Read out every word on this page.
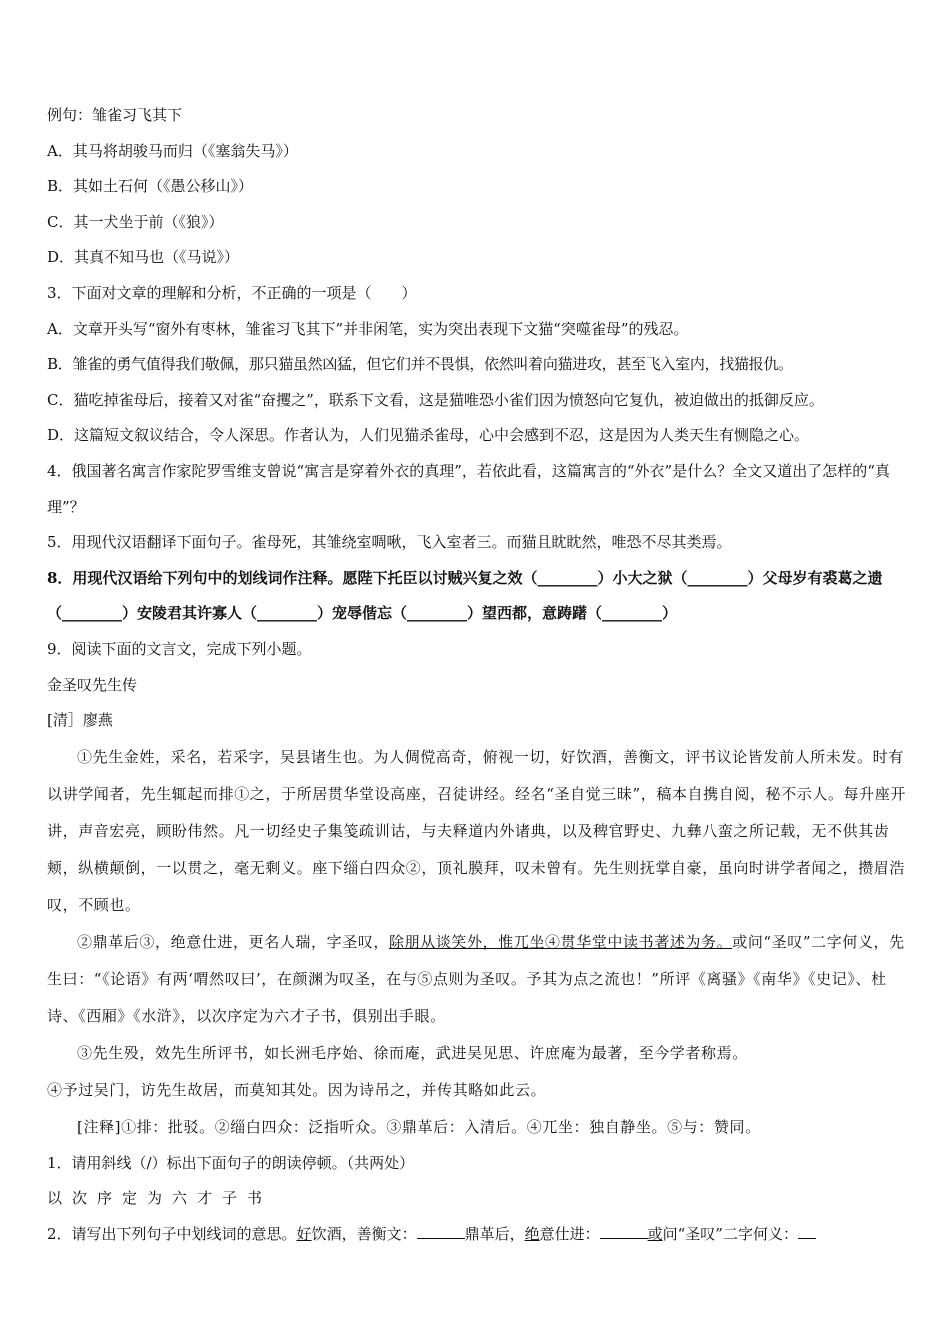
例句：雏雀习飞其下
A．其马将胡骏马而归（《塞翁失马》）
B．其如土石何（《愚公移山》）
C．其一犬坐于前（《狼》）
D．其真不知马也（《马说》）
3．下面对文章的理解和分析，不正确的一项是（　　）
A．文章开头写“窗外有枣林，雏雀习飞其下”并非闲笔，实为突出表现下文猫“突噬雀母”的残忍。
B．雏雀的勇气值得我们敬佩，那只猫虽然凶猛，但它们并不畏惧，依然叫着向猫进攻，甚至飞入室内，找猫报仇。
C．猫吃掉雀母后，接着又对雀“奋攫之”，联系下文看，这是猫唯恐小雀们因为愤怒向它复仇，被迫做出的抵御反应。
D．这篇短文叙议结合，令人深思。作者认为，人们见猫杀雀母，心中会感到不忍，这是因为人类天生有恻隐之心。
4．俄国著名寓言作家陀罗雪维支曾说“寓言是穿着外衣的真理”，若依此看，这篇寓言的“外衣”是什么？全文又道出了怎样的“真理”？
5．用现代汉语翻译下面句子。雀母死，其雏绕室啁啾，飞入室者三。而猫且眈眈然，唯恐不尽其类焉。
8．用现代汉语给下列句中的划线词作注释。愿陛下托臣以讨贼兴复之效（________）小大之狱（________）父母岁有裘葛之遗（________）安陵君其许寡人（________）宠辱偕忘（________）望西都，意踌躇（________）
9．阅读下面的文言文，完成下列小题。
金圣叹先生传
[清］廖燕

①先生金姓，采名，若采字，吴县诸生也。为人倜傥高奇，俯视一切，好饮酒，善衡文，评书议论皆发前人所未发。时有以讲学闻者，先生辄起而排①之，于所居贯华堂设高座，召徒讲经。经名“圣自觉三昧”，稿本自携自阅，秘不示人。每升座开讲，声音宏亮，顾盼伟然。凡一切经史子集笺疏训诂，与夫释道内外诸典，以及稗官野史、九彝八蛮之所记载，无不供其齿颊，纵横颠倒，一以贯之，毫无剩义。座下缁白四众②，顶礼膜拜，叹未曾有。先生则抚掌自豪，虽向时讲学者闻之，攒眉浩叹，不顾也。

②鼎革后③，绝意仕进，更名人瑞，字圣叹，除朋从谈笑外，惟兀坐④贯华堂中读书著述为务。或问“圣叹”二字何义，先生曰：“《论语》有两‘喟然叹曰’，在颜渊为叹圣，在与⑤点则为圣叹。予其为点之流也！”所评《离骚》《南华》《史记》、杜诗、《西厢》《水浒》，以次序定为六才子书，俱别出手眼。

③先生殁，效先生所评书，如长洲毛序始、徐而庵，武进吴见思、许庶庵为最著，至今学者称焉。

④予过吴门，访先生故居，而莫知其处。因为诗吊之，并传其略如此云。

[注释]①排：批驳。②缁白四众：泛指听众。③鼎革后：入清后。④兀坐：独自静坐。⑤与：赞同。

1．请用斜线（/）标出下面句子的朗读停顿。（共两处）
以次序定为六才子书
2．请写出下列句子中划线词的意思。好饮酒，善衡文：	鼎革后，绝意仕进：	或问“圣叹”二字何义：
